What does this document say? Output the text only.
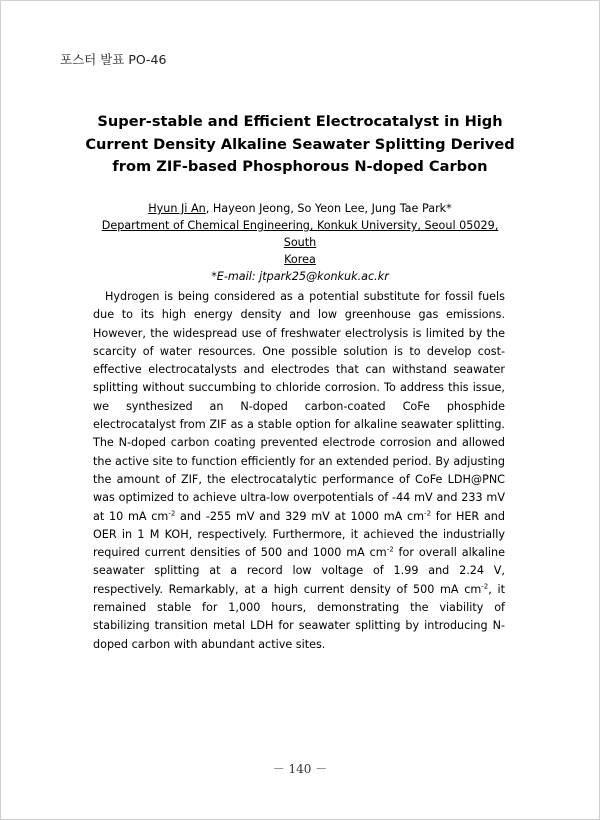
포스터 발표 PO-46
Super-stable and Efficient Electrocatalyst in High Current Density Alkaline Seawater Splitting Derived from ZIF-based Phosphorous N-doped Carbon
Hyun Ji An, Hayeon Jeong, So Yeon Lee, Jung Tae Park*
Department of Chemical Engineering, Konkuk University, Seoul 05029, South
Korea
*E-mail: jtpark25@konkuk.ac.kr
Hydrogen is being considered as a potential substitute for fossil fuels due to its high energy density and low greenhouse gas emissions. However, the widespread use of freshwater electrolysis is limited by the scarcity of water resources. One possible solution is to develop cost-effective electrocatalysts and electrodes that can withstand seawater splitting without succumbing to chloride corrosion. To address this issue, we synthesized an N-doped carbon-coated CoFe phosphide electrocatalyst from ZIF as a stable option for alkaline seawater splitting. The N-doped carbon coating prevented electrode corrosion and allowed the active site to function efficiently for an extended period. By adjusting the amount of ZIF, the electrocatalytic performance of CoFe LDH@PNC was optimized to achieve ultra-low overpotentials of -44 mV and 233 mV at 10 mA $cm^{-2}$ and -255 mV and 329 mV at 1000 mA $cm^{-2}$ for HER and OER in 1 M KOH, respectively. Furthermore, it achieved the industrially required current densities of 500 and 1000 mA $cm^{-2}$ for overall alkaline seawater splitting at a record low voltage of 1.99 and 2.24 V, respectively. Remarkably, at a high current density of 500 mA $cm^{-2}$, it remained stable for 1,000 hours, demonstrating the viability of stabilizing transition metal LDH for seawater splitting by introducing N-doped carbon with abundant active sites.
－ 140 －
